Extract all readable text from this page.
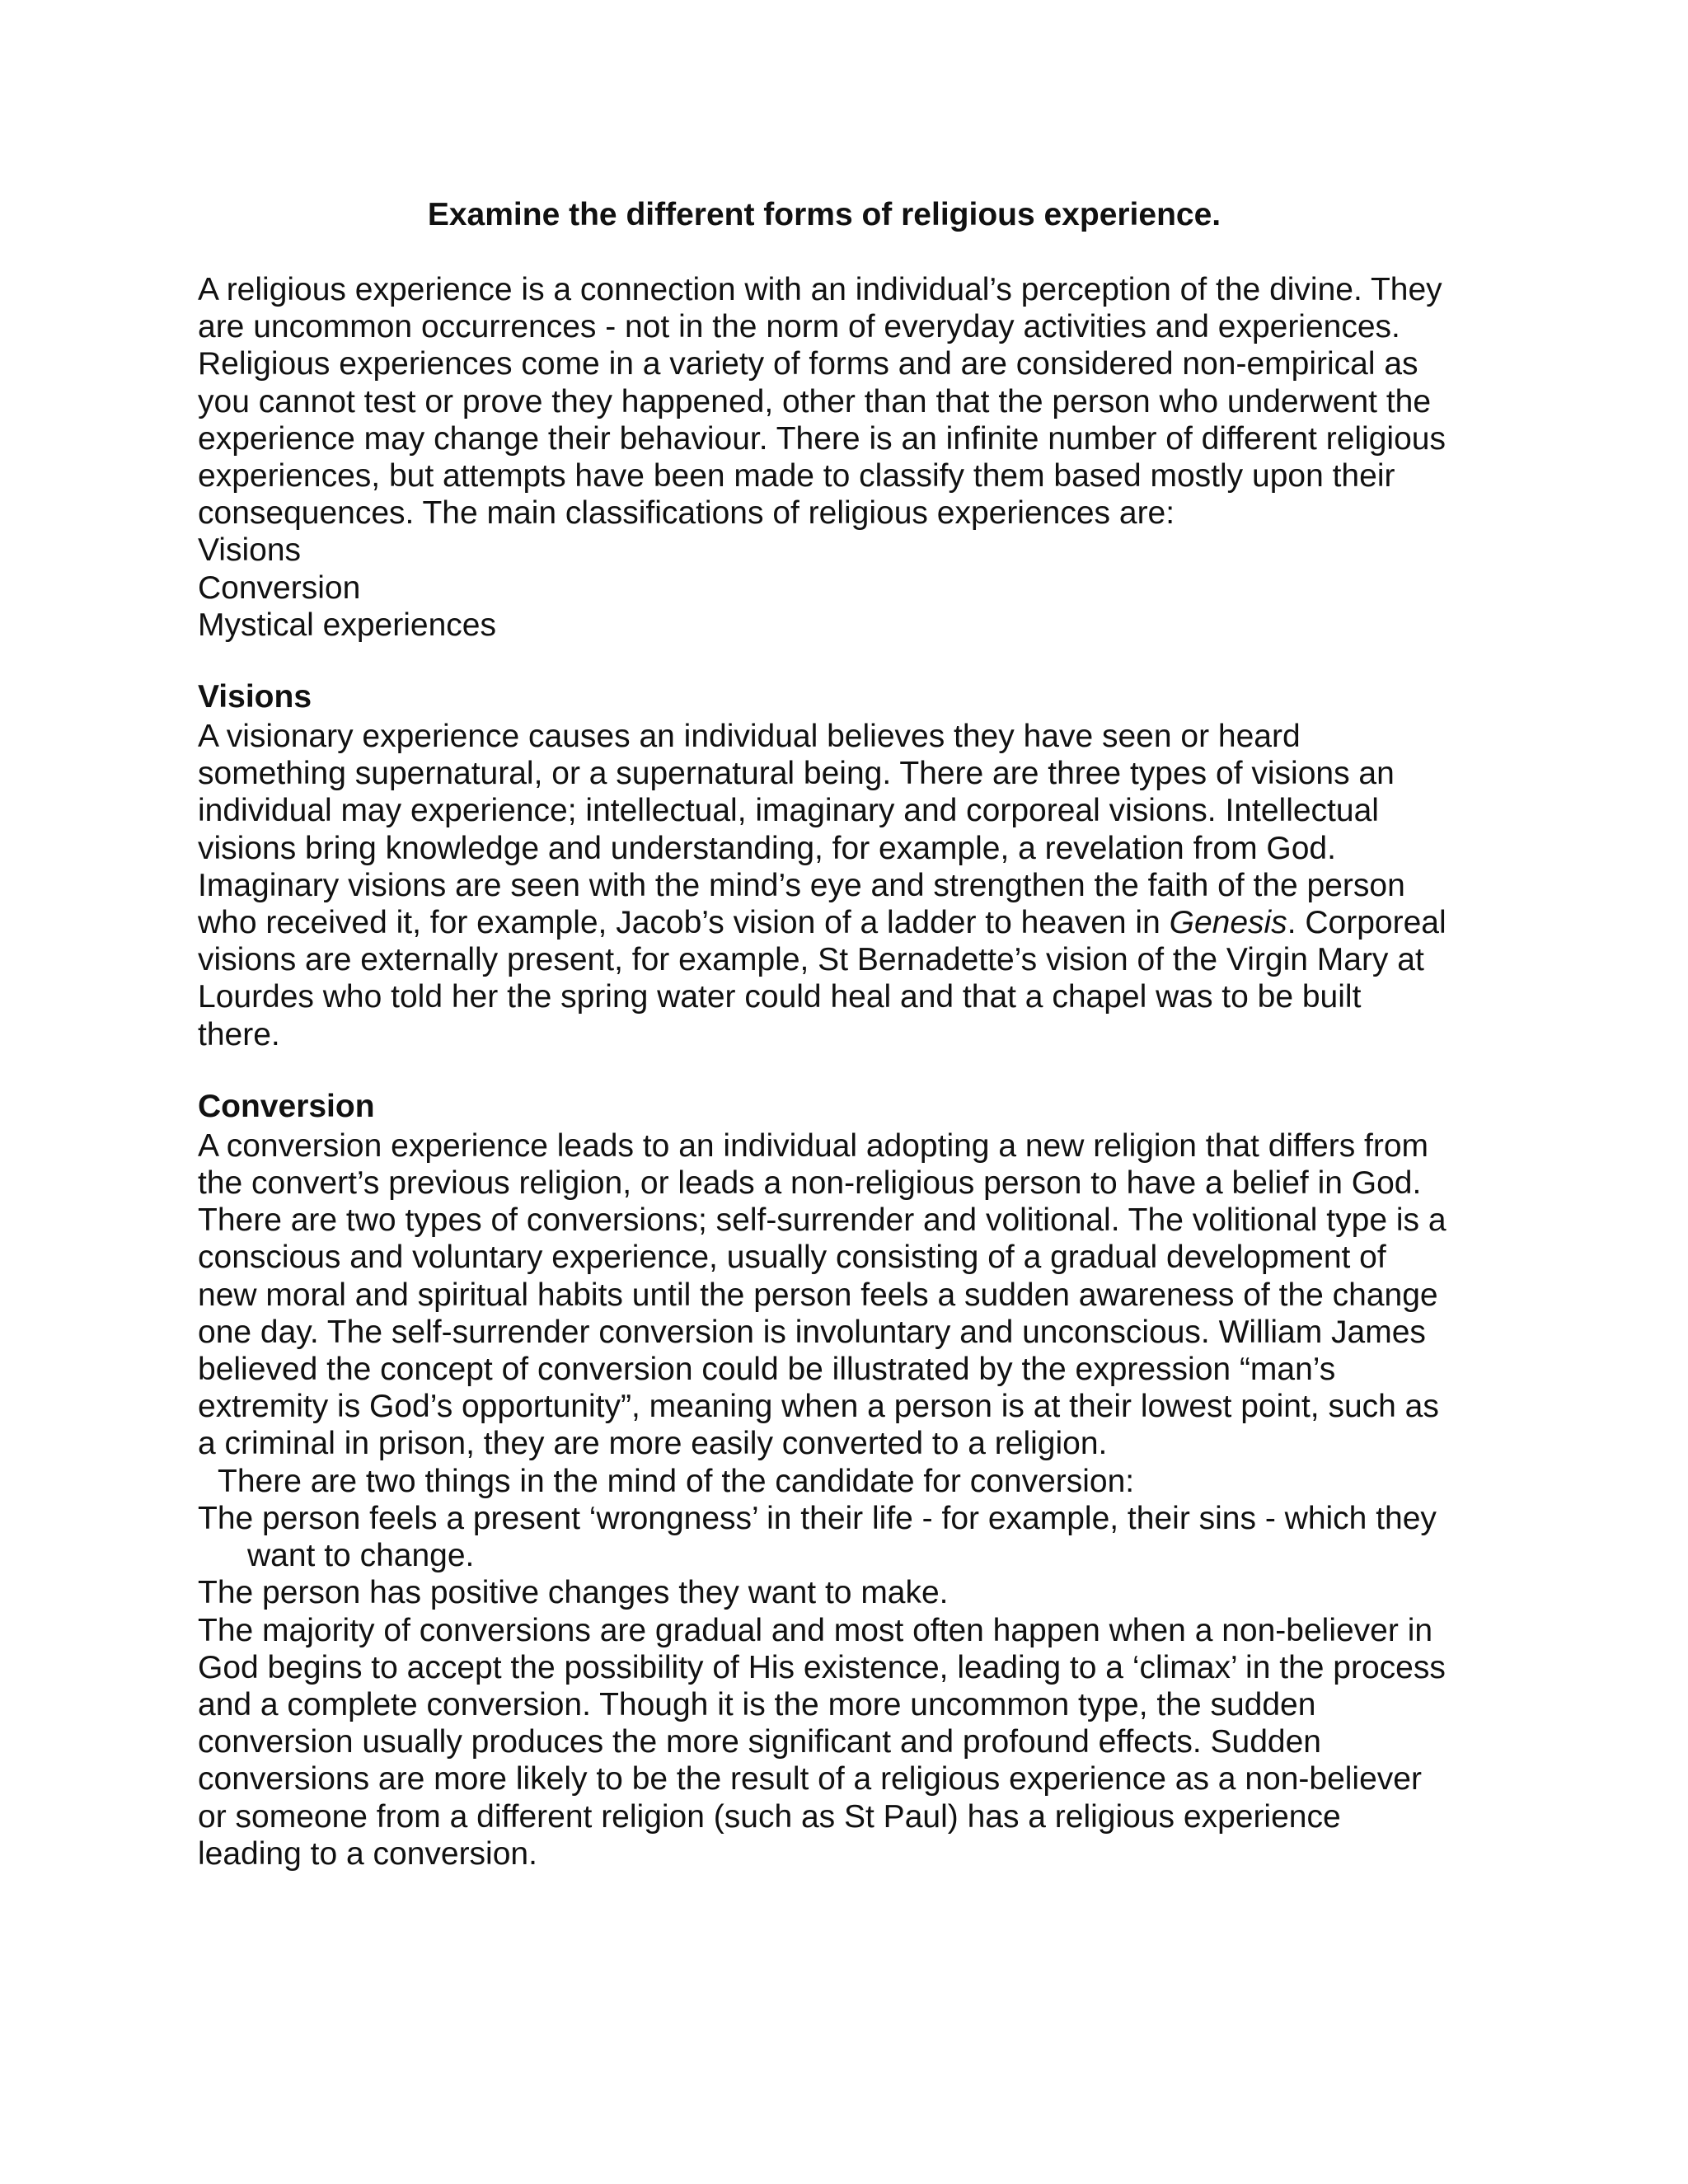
Examine the different forms of religious experience.

A religious experience is a connection with an individual’s perception of the divine. They
are uncommon occurrences - not in the norm of everyday activities and experiences.
Religious experiences come in a variety of forms and are considered non-empirical as
you cannot test or prove they happened, other than that the person who underwent the
experience may change their behaviour. There is an infinite number of different religious
experiences, but attempts have been made to classify them based mostly upon their
consequences. The main classifications of religious experiences are:
Visions
Conversion
Mystical experiences

Visions

A visionary experience causes an individual believes they have seen or heard
something supernatural, or a supernatural being. There are three types of visions an
individual may experience; intellectual, imaginary and corporeal visions. Intellectual
visions bring knowledge and understanding, for example, a revelation from God.
Imaginary visions are seen with the mind’s eye and strengthen the faith of the person
who received it, for example, Jacob’s vision of a ladder to heaven in Genesis. Corporeal
visions are externally present, for example, St Bernadette’s vision of the Virgin Mary at
Lourdes who told her the spring water could heal and that a chapel was to be built
there.

Conversion

A conversion experience leads to an individual adopting a new religion that differs from
the convert’s previous religion, or leads a non-religious person to have a belief in God.
There are two types of conversions; self-surrender and volitional. The volitional type is a
conscious and voluntary experience, usually consisting of a gradual development of
new moral and spiritual habits until the person feels a sudden awareness of the change
one day. The self-surrender conversion is involuntary and unconscious. William James
believed the concept of conversion could be illustrated by the expression “man’s
extremity is God’s opportunity”, meaning when a person is at their lowest point, such as
a criminal in prison, they are more easily converted to a religion.
There are two things in the mind of the candidate for conversion:
The person feels a present ‘wrongness’ in their life - for example, their sins - which they
want to change.
The person has positive changes they want to make.
The majority of conversions are gradual and most often happen when a non-believer in
God begins to accept the possibility of His existence, leading to a ‘climax’ in the process
and a complete conversion. Though it is the more uncommon type, the sudden
conversion usually produces the more significant and profound effects. Sudden
conversions are more likely to be the result of a religious experience as a non-believer
or someone from a different religion (such as St Paul) has a religious experience
leading to a conversion.
